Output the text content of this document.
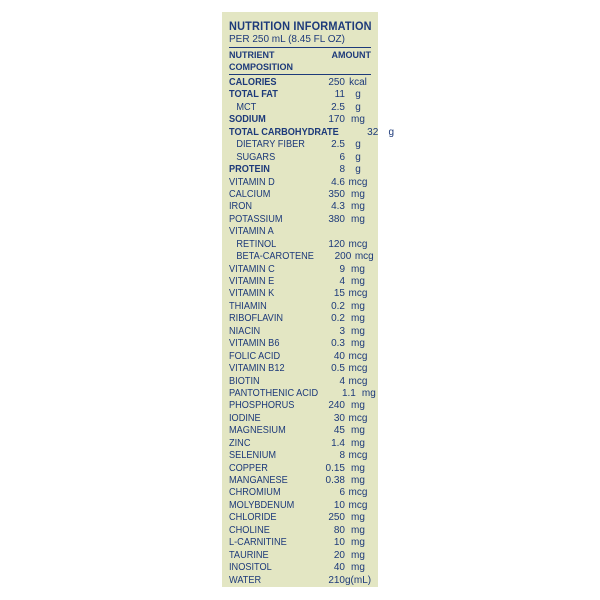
NUTRITION INFORMATION
PER 250 mL (8.45 FL OZ)
NUTRIENT COMPOSITION
AMOUNT
CALORIES	250 kcal
TOTAL FAT	11	g
MCT	2.5	g
SODIUM	170 mg
TOTAL CARBOHYDRATE	32	g
DIETARY FIBER	2.5	g
SUGARS	6	g
PROTEIN	8	g
VITAMIN D	4.6 mcg
CALCIUM	350 mg
IRON	4.3 mg
POTASSIUM	380 mg
VITAMIN A
RETINOL	120 mcg
BETA-CAROTENE	200 mcg
VITAMIN C	9 mg
VITAMIN E	4 mg
VITAMIN K	15 mcg
THIAMIN	0.2 mg
RIBOFLAVIN	0.2 mg
NIACIN	3 mg
VITAMIN B6	0.3 mg
FOLIC ACID	40 mcg
VITAMIN B12	0.5 mcg
BIOTIN	4 mcg
PANTOTHENIC ACID	1.1 mg
PHOSPHORUS	240 mg
IODINE	30 mcg
MAGNESIUM	45 mg
ZINC	1.4 mg
SELENIUM	8 mcg
COPPER	0.15 mg
MANGANESE	0.38 mg
CHROMIUM	6 mcg
MOLYBDENUM	10 mcg
CHLORIDE	250 mg
CHOLINE	80 mg
L-CARNITINE	10 mg
TAURINE	20 mg
INOSITOL	40 mg
WATER	210 g(mL)
